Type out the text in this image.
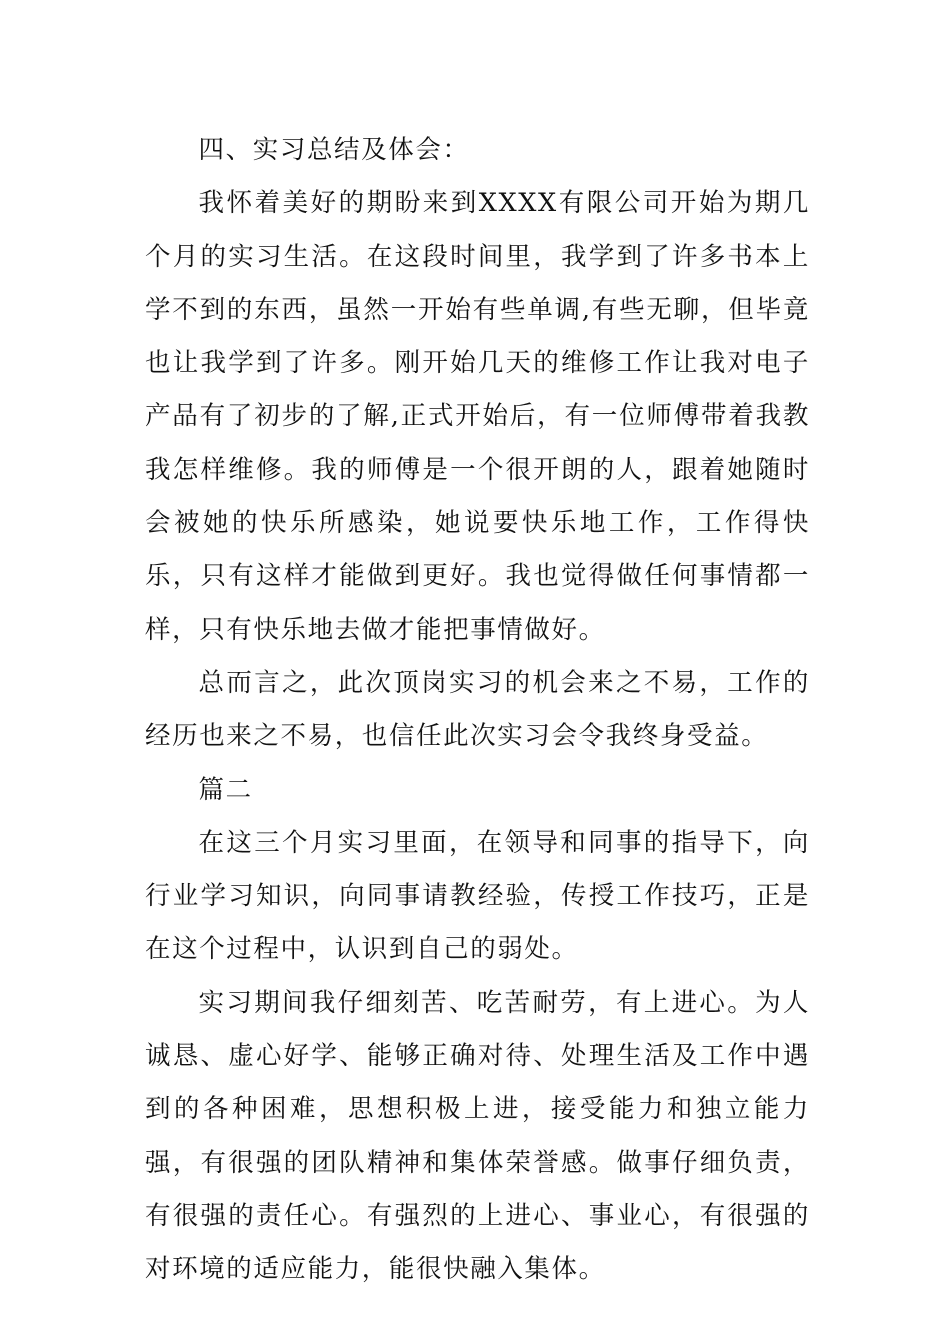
四、实习总结及体会：

我怀着美好的期盼来到XXXX有限公司开始为期几个月的实习生活。在这段时间里，我学到了许多书本上学不到的东西，虽然一开始有些单调,有些无聊，但毕竟也让我学到了许多。刚开始几天的维修工作让我对电子产品有了初步的了解,正式开始后，有一位师傅带着我教我怎样维修。我的师傅是一个很开朗的人，跟着她随时会被她的快乐所感染，她说要快乐地工作，工作得快乐，只有这样才能做到更好。我也觉得做任何事情都一样，只有快乐地去做才能把事情做好。

总而言之，此次顶岗实习的机会来之不易，工作的经历也来之不易，也信任此次实习会令我终身受益。

篇二

在这三个月实习里面，在领导和同事的指导下，向行业学习知识，向同事请教经验，传授工作技巧，正是在这个过程中，认识到自己的弱处。

实习期间我仔细刻苦、吃苦耐劳，有上进心。为人诚恳、虚心好学、能够正确对待、处理生活及工作中遇到的各种困难，思想积极上进，接受能力和独立能力强，有很强的团队精神和集体荣誉感。做事仔细负责，有很强的责任心。有强烈的上进心、事业心，有很强的对环境的适应能力，能很快融入集体。
